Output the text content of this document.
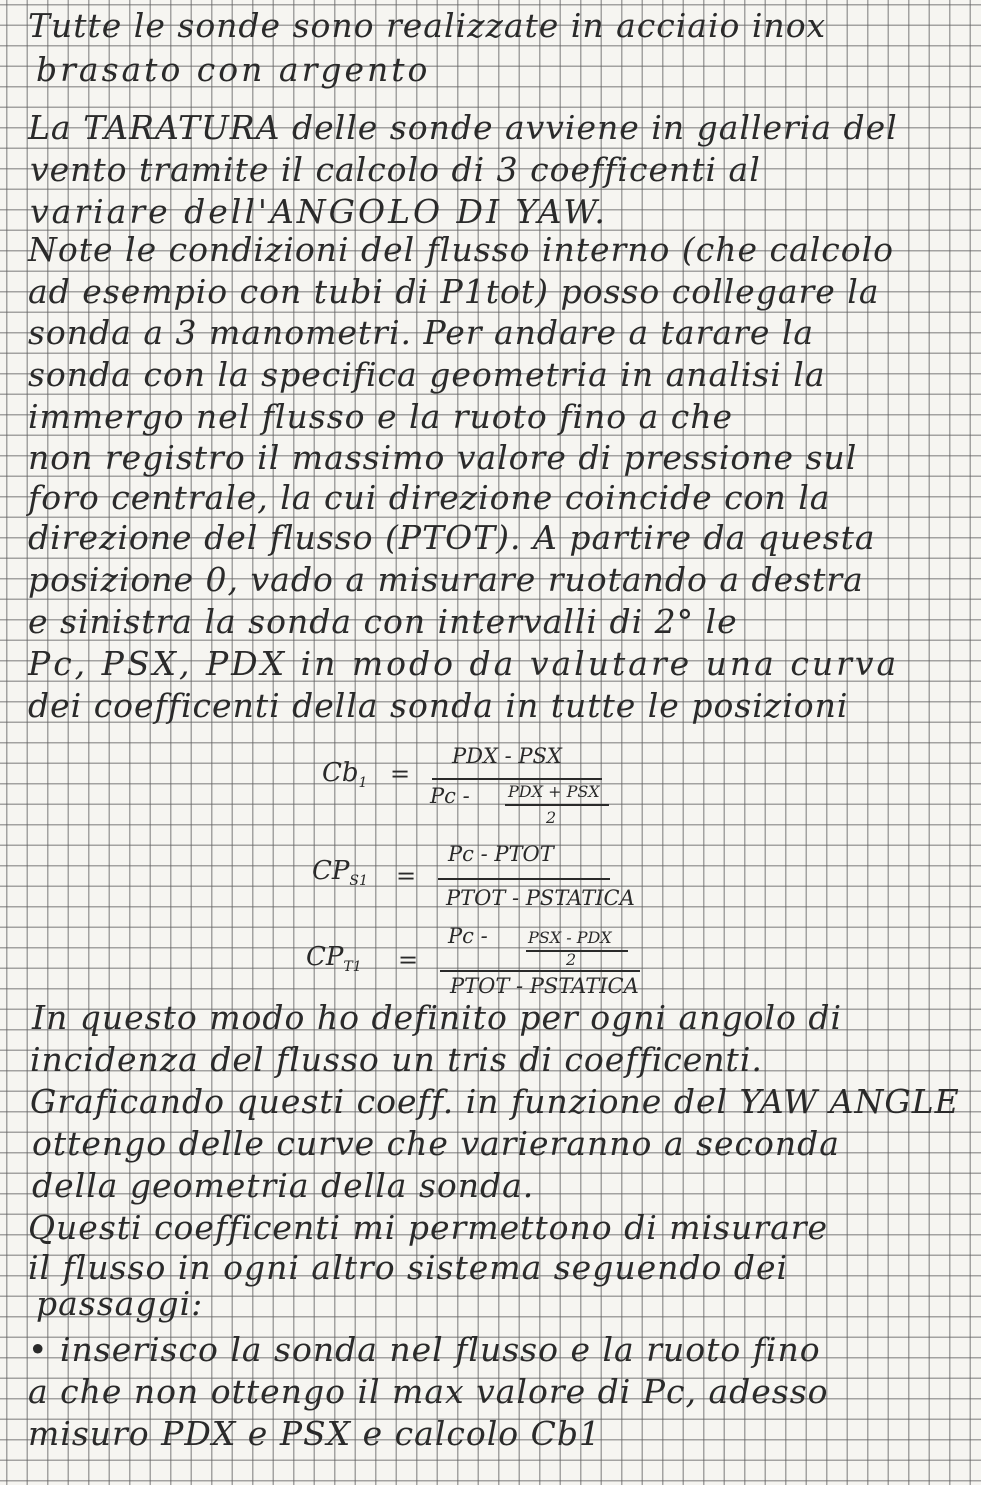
Tutte le sonde sono realizzate in acciaio inox
brasato con argento
La TARATURA delle sonde avviene in galleria del
vento tramite il calcolo di 3 coefficenti al
variare dell'ANGOLO DI YAW.
Note le condizioni del flusso interno (che calcolo
ad esempio con tubi di P1tot) posso collegare la
sonda a 3 manometri. Per andare a tarare la
sonda con la specifica geometria in analisi la
immergo nel flusso e la ruoto fino a che
non registro il massimo valore di pressione sul
foro centrale, la cui direzione coincide con la
direzione del flusso (PTOT). A partire da questa
posizione 0, vado a misurare ruotando a destra
e sinistra la sonda con intervalli di 2° le
Pc, PSX, PDX in modo da valutare una curva
dei coefficenti della sonda in tutte le posizioni
$Cb_1$ =
PDX - PSX
Pc - PDX + PSX
2
$CP_{S1}$ =
Pc - PTOT
PTOT - PSTATICA
$CP_{T1}$ =
Pc -	PSX - PDX
2
PTOT - PSTATICA
In questo modo ho definito per ogni angolo di
incidenza del flusso un tris di coefficenti.
Graficando questi coeff. in funzione del YAW ANGLE
ottengo delle curve che varieranno a seconda
della geometria della sonda.
Questi coefficenti mi permettono di misurare
il flusso in ogni altro sistema seguendo dei
passaggi:
• inserisco la sonda nel flusso e la ruoto fino
a che non ottengo il max valore di Pc, adesso
misuro PDX e PSX e calcolo Cb1
